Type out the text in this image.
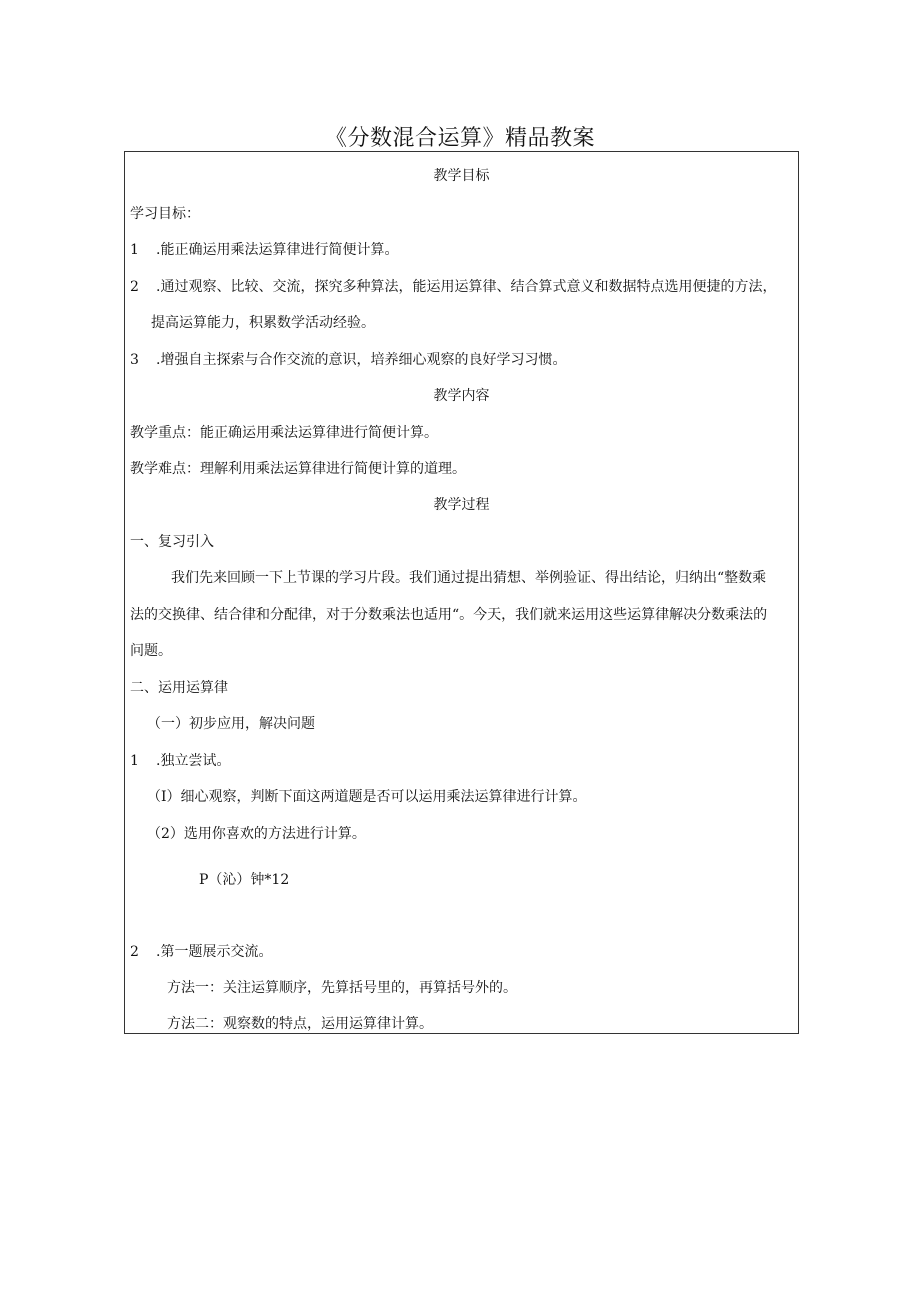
《分数混合运算》精品教案
教学目标
学习目标：
1 .能正确运用乘法运算律进行简便计算。
2 .通过观察、比较、交流，探究多种算法，能运用运算律、结合算式意义和数据特点选用便捷的方法，
提高运算能力，积累数学活动经验。
3 .增强自主探索与合作交流的意识，培养细心观察的良好学习习惯。
教学内容
教学重点：能正确运用乘法运算律进行简便计算。
教学难点：理解利用乘法运算律进行简便计算的道理。
教学过程
一、复习引入
我们先来回顾一下上节课的学习片段。我们通过提出猜想、举例验证、得出结论，归纳出“整数乘
法的交换律、结合律和分配律，对于分数乘法也适用“。今天，我们就来运用这些运算律解决分数乘法的
问题。
二、运用运算律
（一）初步应用，解决问题
1 .独立尝试。
（I）细心观察，判断下面这两道题是否可以运用乘法运算律进行计算。
（2）选用你喜欢的方法进行计算。
P（沁）钟*12
2 .第一题展示交流。
方法一：关注运算顺序，先算括号里的，再算括号外的。
方法二：观察数的特点，运用运算律计算。
